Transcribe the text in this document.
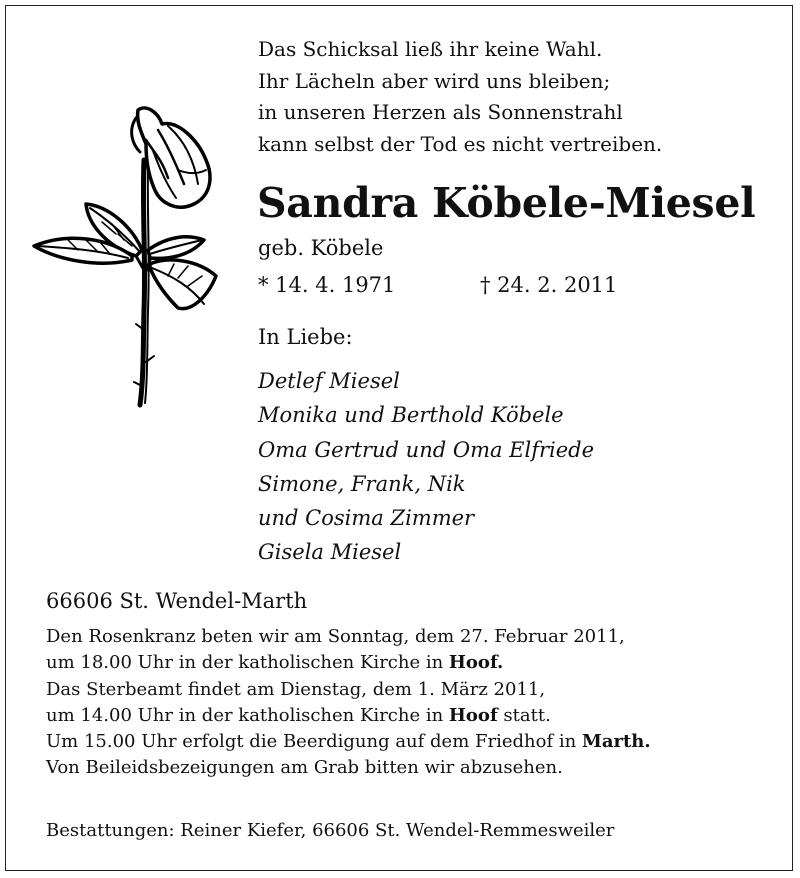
Das Schicksal ließ ihr keine Wahl.
Ihr Lächeln aber wird uns bleiben;
in unseren Herzen als Sonnenstrahl
kann selbst der Tod es nicht vertreiben.
Sandra Köbele-Miesel
geb. Köbele
* 14. 4. 1971	† 24. 2. 2011
In Liebe:
Detlef Miesel
Monika und Berthold Köbele
Oma Gertrud und Oma Elfriede
Simone, Frank, Nik
und Cosima Zimmer
Gisela Miesel
66606 St. Wendel-Marth
Den Rosenkranz beten wir am Sonntag, dem 27. Februar 2011,
um 18.00 Uhr in der katholischen Kirche in Hoof.
Das Sterbeamt findet am Dienstag, dem 1. März 2011,
um 14.00 Uhr in der katholischen Kirche in Hoof statt.
Um 15.00 Uhr erfolgt die Beerdigung auf dem Friedhof in Marth.
Von Beileidsbezeigungen am Grab bitten wir abzusehen.
Bestattungen: Reiner Kiefer, 66606 St. Wendel-Remmesweiler
